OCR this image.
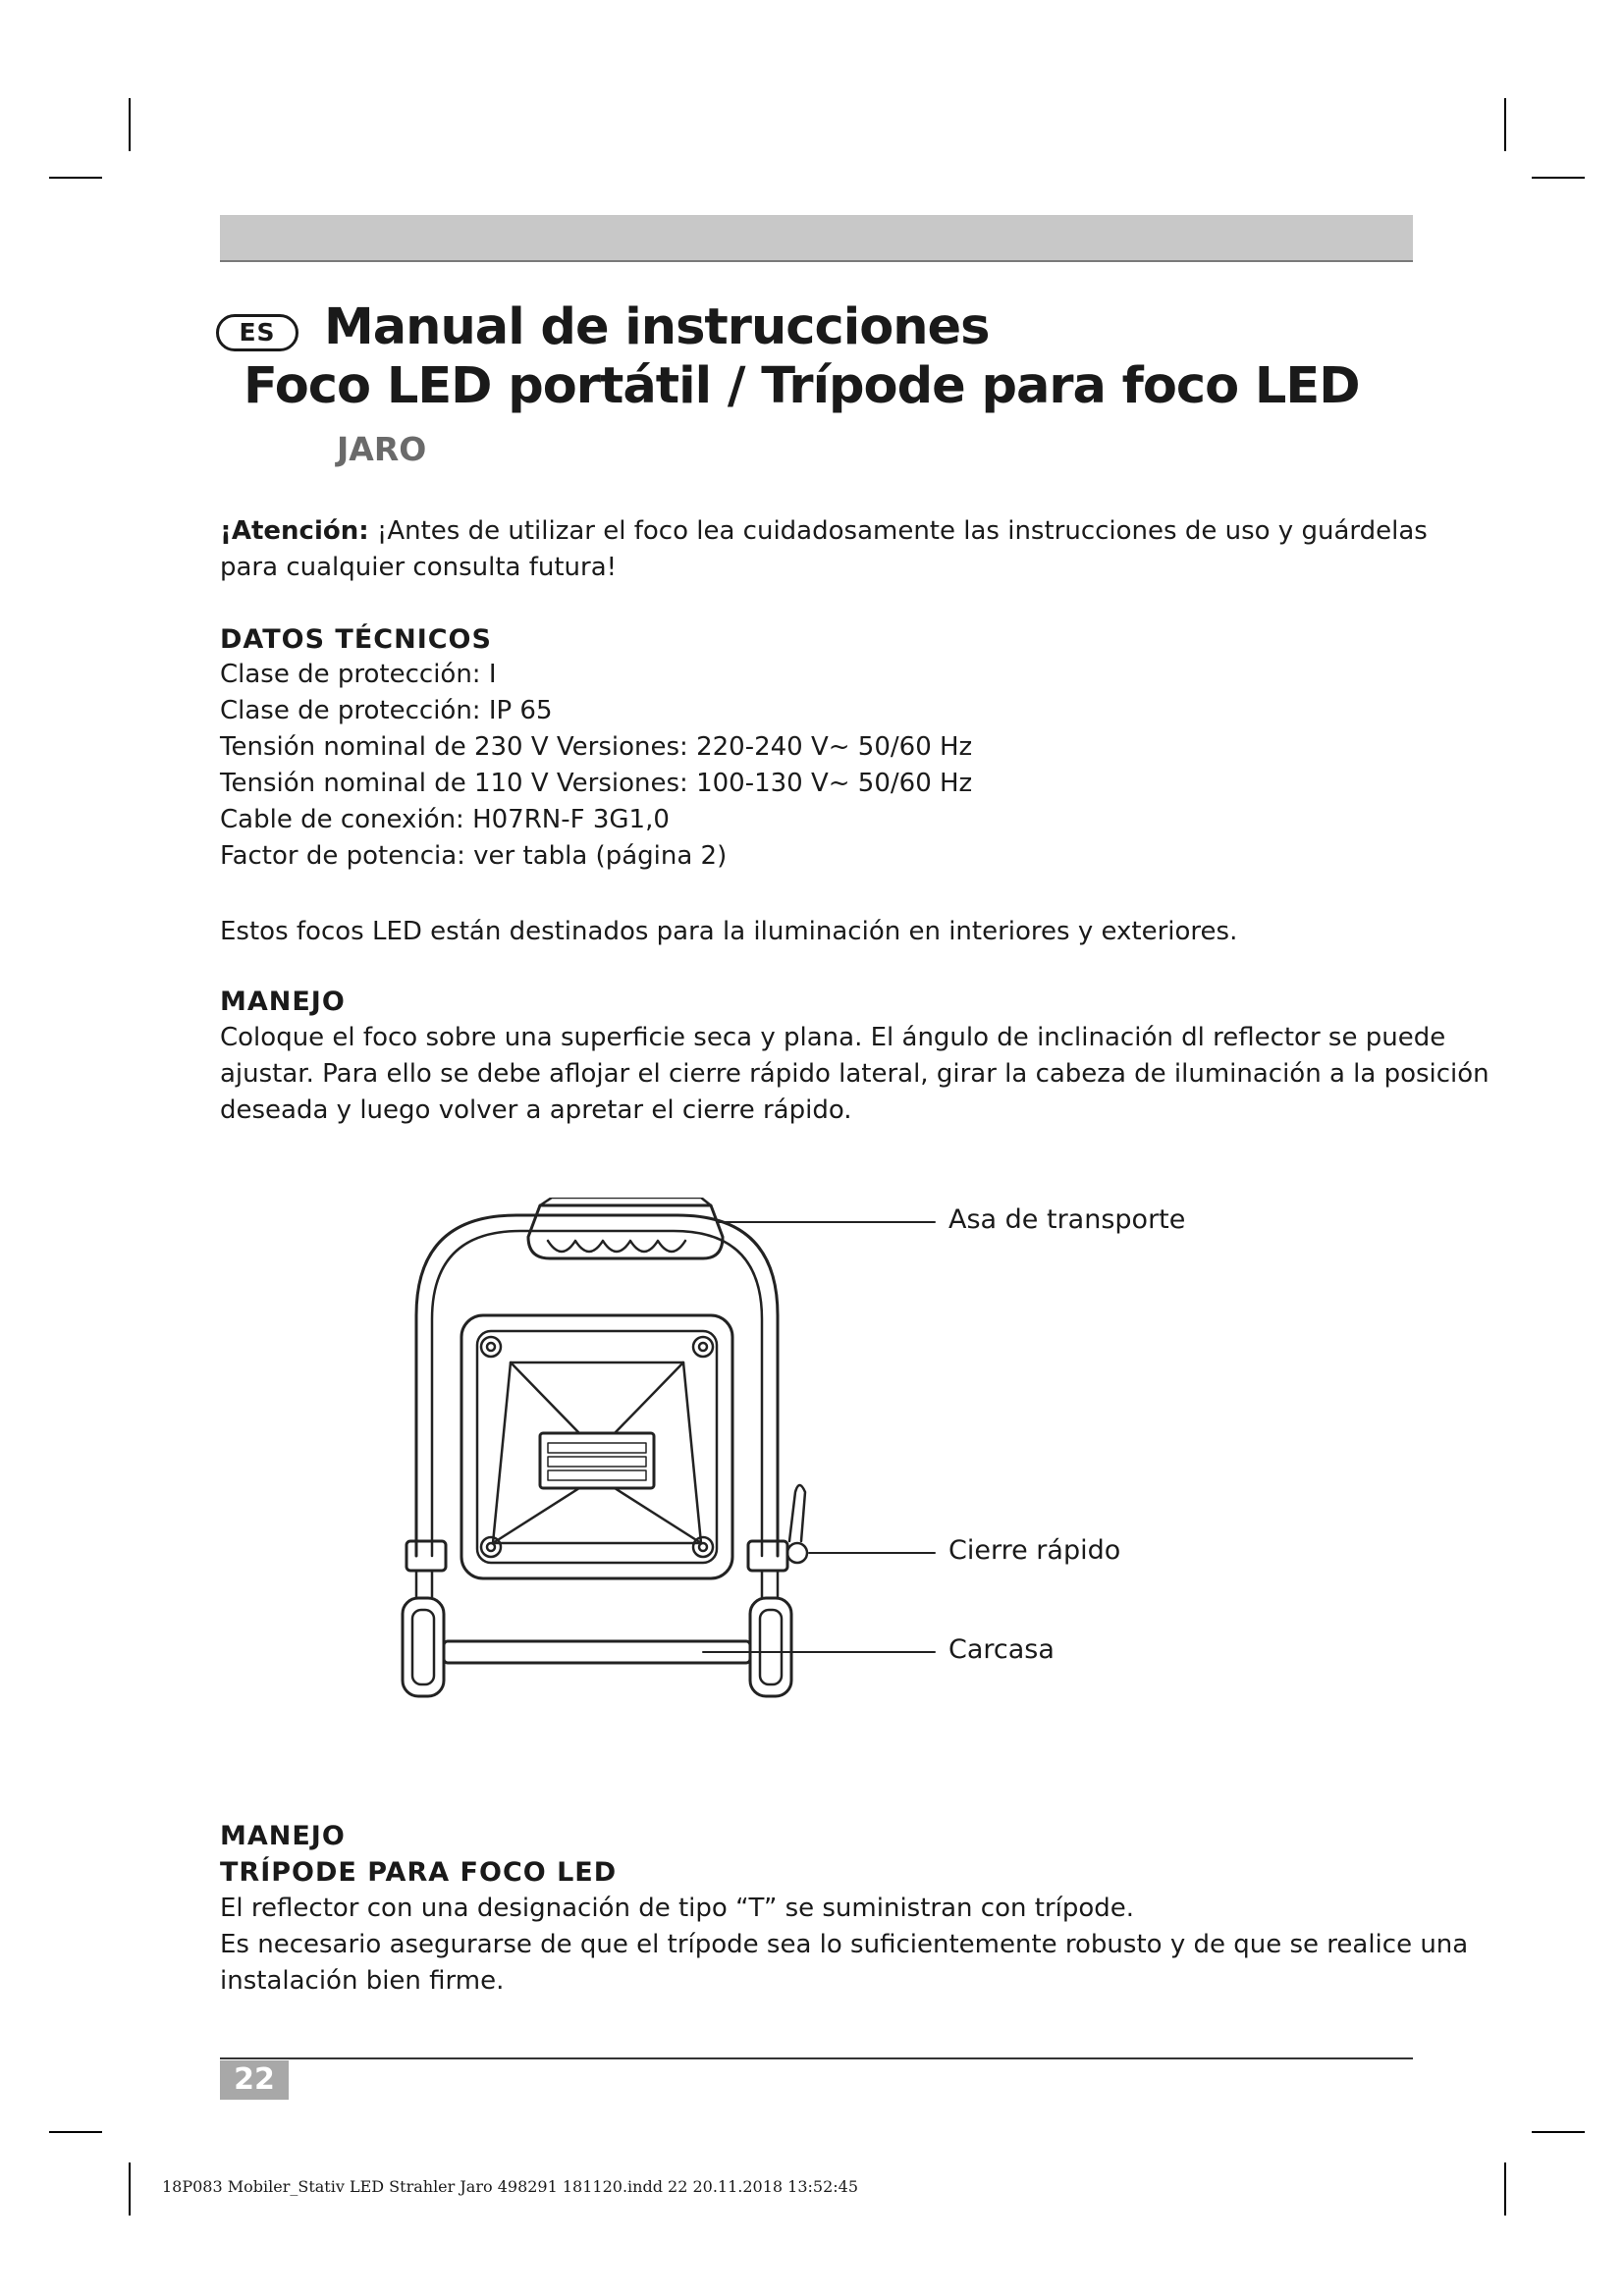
ES Manual de instrucciones
Foco LED portátil / Trípode para foco LED
JARO
¡Atención: ¡Antes de utilizar el foco lea cuidadosamente las instrucciones de uso y guárdelas
para cualquier consulta futura!
DATOS TÉCNICOS
Clase de protección: I
Clase de protección: IP 65
Tensión nominal de 230 V Versiones: 220-240 V~ 50/60 Hz
Tensión nominal de 110 V Versiones: 100-130 V~ 50/60 Hz
Cable de conexión: H07RN-F 3G1,0
Factor de potencia: ver tabla (página 2)
Estos focos LED están destinados para la iluminación en interiores y exteriores.
MANEJO
Coloque el foco sobre una superficie seca y plana. El ángulo de inclinación dl reflector se puede
ajustar. Para ello se debe aflojar el cierre rápido lateral, girar la cabeza de iluminación a la posición
deseada y luego volver a apretar el cierre rápido.
Asa de transporte
Cierre rápido
Carcasa
MANEJO
TRÍPODE PARA FOCO LED
El reflector con una designación de tipo “T” se suministran con trípode.
Es necesario asegurarse de que el trípode sea lo suficientemente robusto y de que se realice una
instalación bien firme.
22
18P083 Mobiler_Stativ LED Strahler Jaro 498291 181120.indd 22 20.11.2018 13:52:45
